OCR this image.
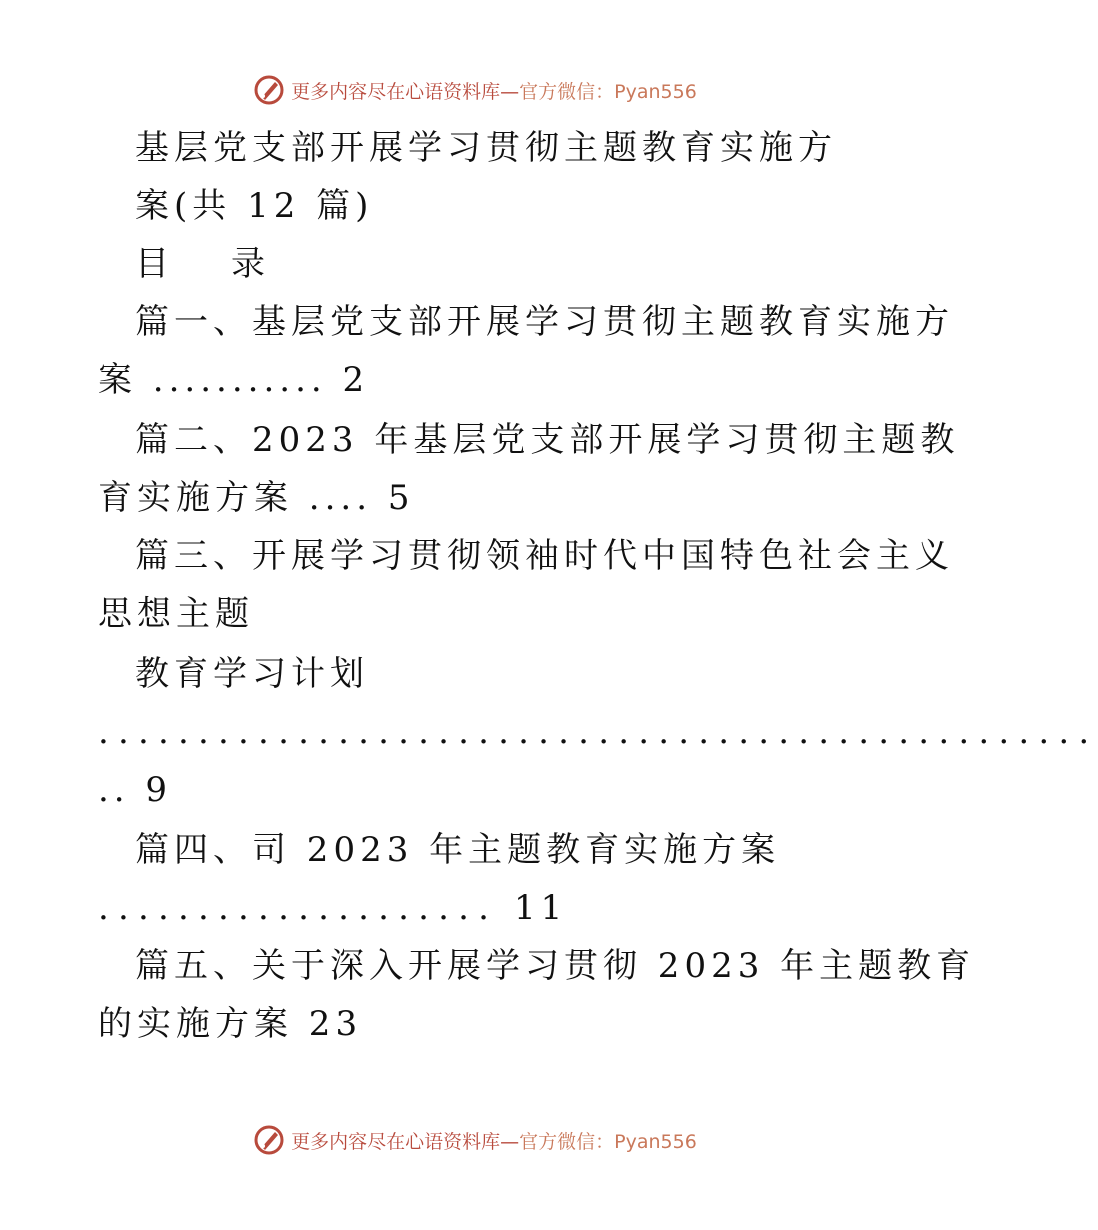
更多内容尽在心语资料库— 官方微信：Pyan556
基层党支部开展学习贯彻主题教育实施方
案(共 12 篇)
目　录
篇一、基层党支部开展学习贯彻主题教育实施方
案 ........... 2
篇二、2023 年基层党支部开展学习贯彻主题教
育实施方案 .... 5
篇三、开展学习贯彻领袖时代中国特色社会主义
思想主题
教育学习计划
..................................................
.. 9
篇四、司 2023 年主题教育实施方案
.................... 11
篇五、关于深入开展学习贯彻 2023 年主题教育
的实施方案 23
更多内容尽在心语资料库— 官方微信：Pyan556
